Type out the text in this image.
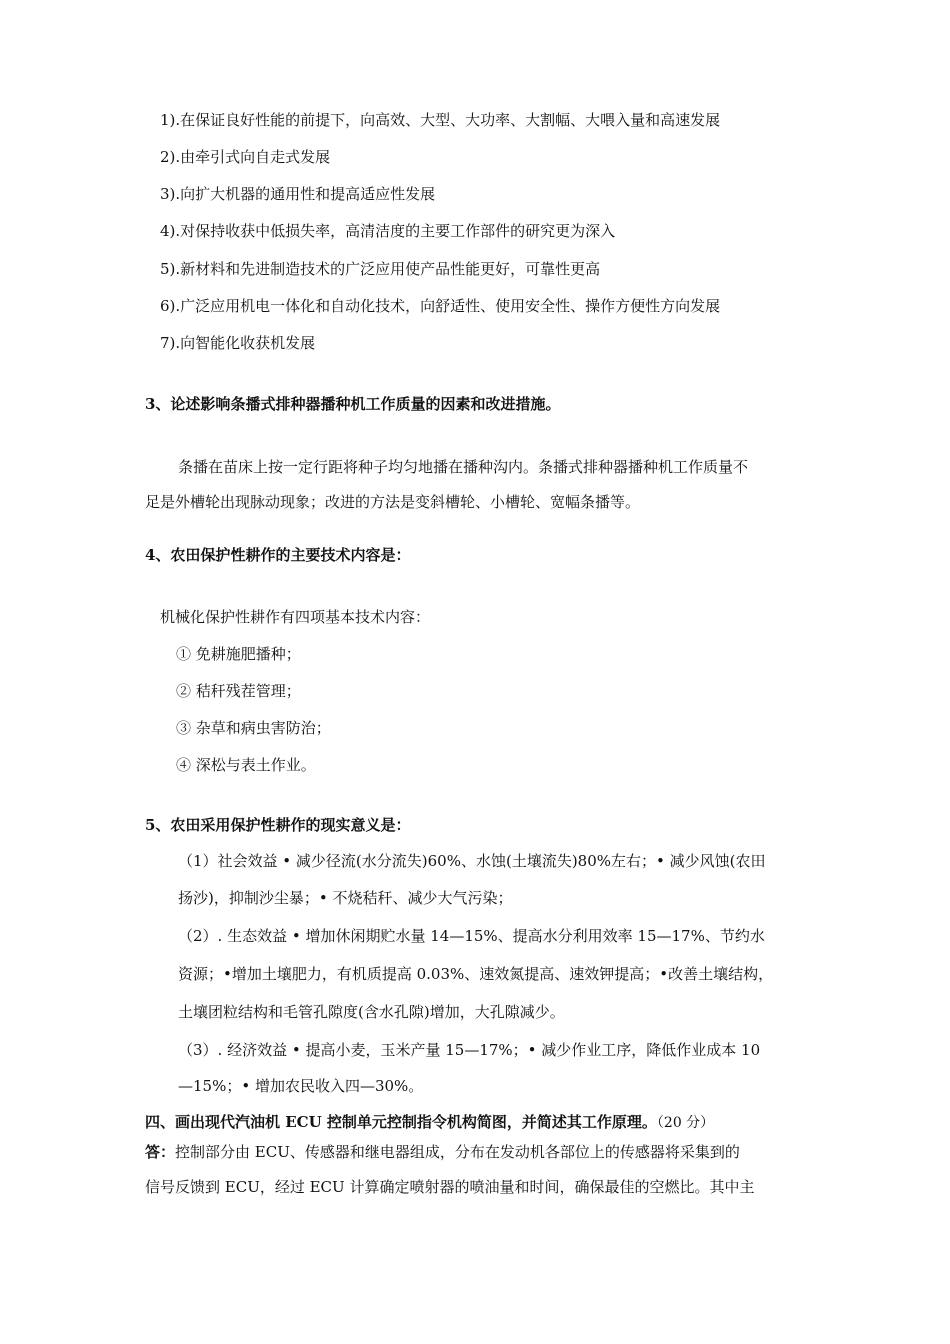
1).在保证良好性能的前提下，向高效、大型、大功率、大割幅、大喂入量和高速发展
2).由牵引式向自走式发展
3).向扩大机器的通用性和提高适应性发展
4).对保持收获中低损失率，高清洁度的主要工作部件的研究更为深入
5).新材料和先进制造技术的广泛应用使产品性能更好，可靠性更高
6).广泛应用机电一体化和自动化技术，向舒适性、使用安全性、操作方便性方向发展
7).向智能化收获机发展
3、论述影响条播式排种器播种机工作质量的因素和改进措施。
条播在苗床上按一定行距将种子均匀地播在播种沟内。条播式排种器播种机工作质量不
足是外槽轮出现脉动现象；改进的方法是变斜槽轮、小槽轮、宽幅条播等。
4、农田保护性耕作的主要技术内容是：
机械化保护性耕作有四项基本技术内容：
① 免耕施肥播种；
② 秸秆残茬管理；
③ 杂草和病虫害防治；
④ 深松与表土作业。
5、农田采用保护性耕作的现实意义是：
（1）社会效益 • 减少径流(水分流失)60%、水蚀(土壤流失)80%左右；• 减少风蚀(农田
扬沙)，抑制沙尘暴；• 不烧秸秆、减少大气污染；
（2）. 生态效益 • 增加休闲期贮水量 14—15%、提高水分利用效率 15—17%、节约水
资源；•增加土壤肥力，有机质提高 0.03%、速效氮提高、速效钾提高；•改善土壤结构，
土壤团粒结构和毛管孔隙度(含水孔隙)增加，大孔隙减少。
（3）. 经济效益 • 提高小麦，玉米产量 15—17%；• 减少作业工序，降低作业成本 10
—15%；• 增加农民收入四—30%。
四、画出现代汽油机 ECU 控制单元控制指令机构简图，并简述其工作原理。（20 分）
答：控制部分由 ECU、传感器和继电器组成，分布在发动机各部位上的传感器将采集到的
信号反馈到 ECU，经过 ECU 计算确定喷射器的喷油量和时间，确保最佳的空燃比。其中主
